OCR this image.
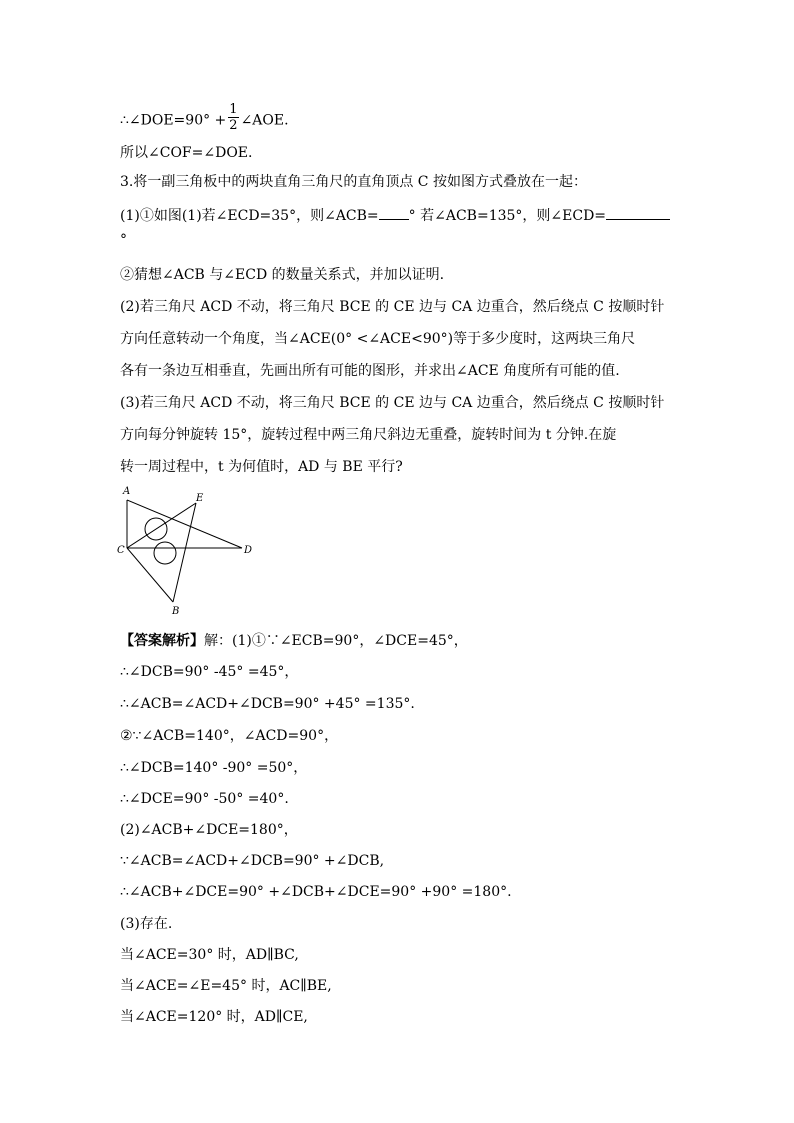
∴∠DOE=90° + $\frac{1}{2}$ ∠AOE.
所以∠COF=∠DOE.
3.将一副三角板中的两块直角三角尺的直角顶点 C 按如图方式叠放在一起：
(1)①如图(1)若∠ECD=35°，则∠ACB= ° 若∠ACB=135°，则∠ECD=
°
②猜想∠ACB 与∠ECD 的数量关系式，并加以证明.
(2)若三角尺 ACD 不动，将三角尺 BCE 的 CE 边与 CA 边重合，然后绕点 C 按顺时针
方向任意转动一个角度，当∠ACE(0° <∠ACE<90°)等于多少度时，这两块三角尺
各有一条边互相垂直，先画出所有可能的图形，并求出∠ACE 角度所有可能的值.
(3)若三角尺 ACD 不动，将三角尺 BCE 的 CE 边与 CA 边重合，然后绕点 C 按顺时针
方向每分钟旋转 15°，旋转过程中两三角尺斜边无重叠，旋转时间为 t 分钟.在旋
转一周过程中，t 为何值时，AD 与 BE 平行?
A
E
C	D
B
【答案解析】解：(1)①∵∠ECB=90°，∠DCE=45°，
∴∠DCB=90° -45° =45°，
∴∠ACB=∠ACD+∠DCB=90° +45° =135°.
②∵∠ACB=140°，∠ACD=90°，
∴∠DCB=140° -90° =50°，
∴∠DCE=90° -50° =40°.
(2)∠ACB+∠DCE=180°，
∵∠ACB=∠ACD+∠DCB=90° +∠DCB,
∴∠ACB+∠DCE=90° +∠DCB+∠DCE=90° +90° =180°.
(3)存在.
当∠ACE=30° 时，AD∥BC,
当∠ACE=∠E=45° 时，AC∥BE,
当∠ACE=120° 时，AD∥CE,
